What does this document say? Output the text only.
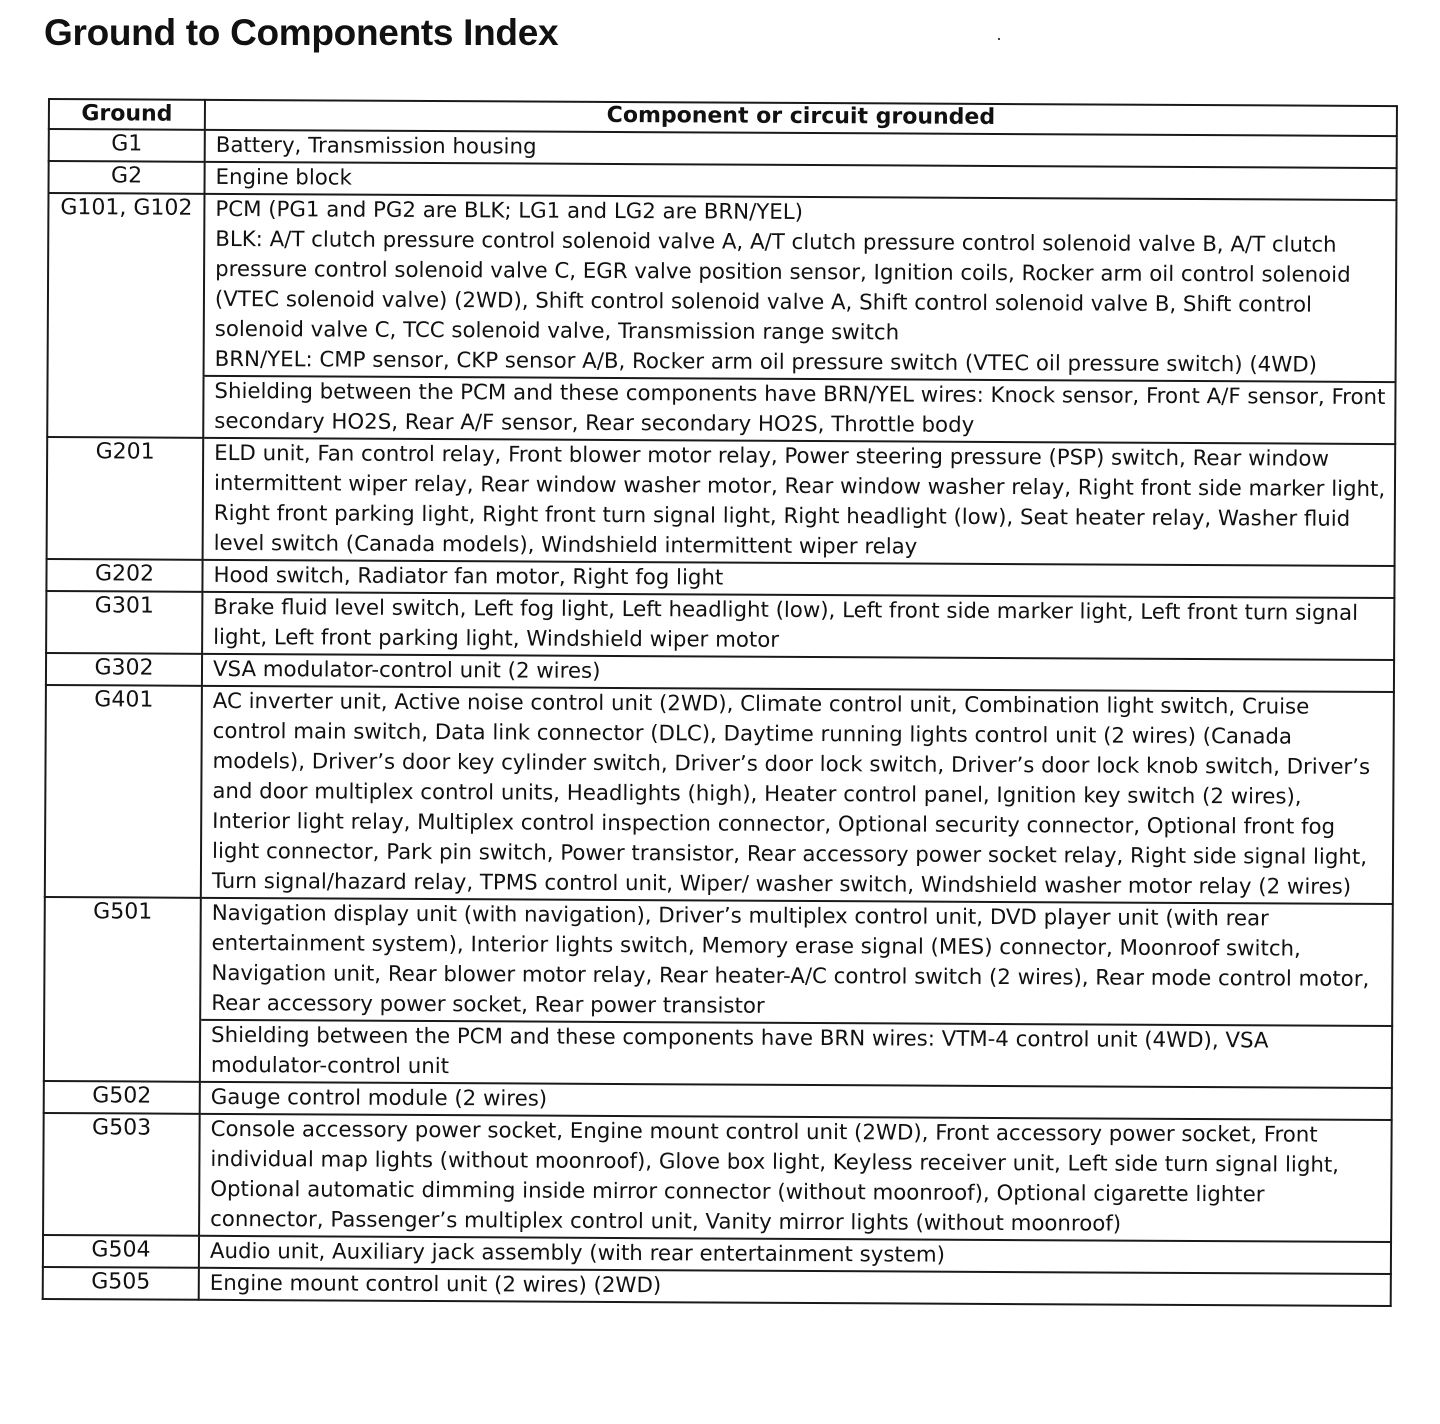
Ground to Components Index
Ground	Component or circuit grounded
G1	Battery, Transmission housing

G2	Engine block

G101, G102	PCM (PG1 and PG2 are BLK; LG1 and LG2 are BRN/YEL)
BLK: A/T clutch pressure control solenoid valve A, A/T clutch pressure control solenoid valve B, A/T clutch pressure control solenoid valve C, EGR valve position sensor, Ignition coils, Rocker arm oil control solenoid (VTEC solenoid valve) (2WD), Shift control solenoid valve A, Shift control solenoid valve B, Shift control solenoid valve C, TCC solenoid valve, Transmission range switch
BRN/YEL: CMP sensor, CKP sensor A/B, Rocker arm oil pressure switch (VTEC oil pressure switch) (4WD)

	Shielding between the PCM and these components have BRN/YEL wires: Knock sensor, Front A/F sensor, Front secondary HO2S, Rear A/F sensor, Rear secondary HO2S, Throttle body

G201	ELD unit, Fan control relay, Front blower motor relay, Power steering pressure (PSP) switch, Rear window intermittent wiper relay, Rear window washer motor, Rear window washer relay, Right front side marker light, Right front parking light, Right front turn signal light, Right headlight (low), Seat heater relay, Washer fluid level switch (Canada models), Windshield intermittent wiper relay

G202	Hood switch, Radiator fan motor, Right fog light

G301	Brake fluid level switch, Left fog light, Left headlight (low), Left front side marker light, Left front turn signal light, Left front parking light, Windshield wiper motor

G302	VSA modulator-control unit (2 wires)

G401	AC inverter unit, Active noise control unit (2WD), Climate control unit, Combination light switch, Cruise control main switch, Data link connector (DLC), Daytime running lights control unit (2 wires) (Canada models), Driver’s door key cylinder switch, Driver’s door lock switch, Driver’s door lock knob switch, Driver’s and door multiplex control units, Headlights (high), Heater control panel, Ignition key switch (2 wires), Interior light relay, Multiplex control inspection connector, Optional security connector, Optional front fog light connector, Park pin switch, Power transistor, Rear accessory power socket relay, Right side signal light, Turn signal/hazard relay, TPMS control unit, Wiper/ washer switch, Windshield washer motor relay (2 wires)

G501	Navigation display unit (with navigation), Driver’s multiplex control unit, DVD player unit (with rear entertainment system), Interior lights switch, Memory erase signal (MES) connector, Moonroof switch, Navigation unit, Rear blower motor relay, Rear heater-A/C control switch (2 wires), Rear mode control motor, Rear accessory power socket, Rear power transistor

	Shielding between the PCM and these components have BRN wires: VTM-4 control unit (4WD), VSA modulator-control unit

G502	Gauge control module (2 wires)

G503	Console accessory power socket, Engine mount control unit (2WD), Front accessory power socket, Front individual map lights (without moonroof), Glove box light, Keyless receiver unit, Left side turn signal light, Optional automatic dimming inside mirror connector (without moonroof), Optional cigarette lighter connector, Passenger’s multiplex control unit, Vanity mirror lights (without moonroof)

G504	Audio unit, Auxiliary jack assembly (with rear entertainment system)

G505	Engine mount control unit (2 wires) (2WD)
